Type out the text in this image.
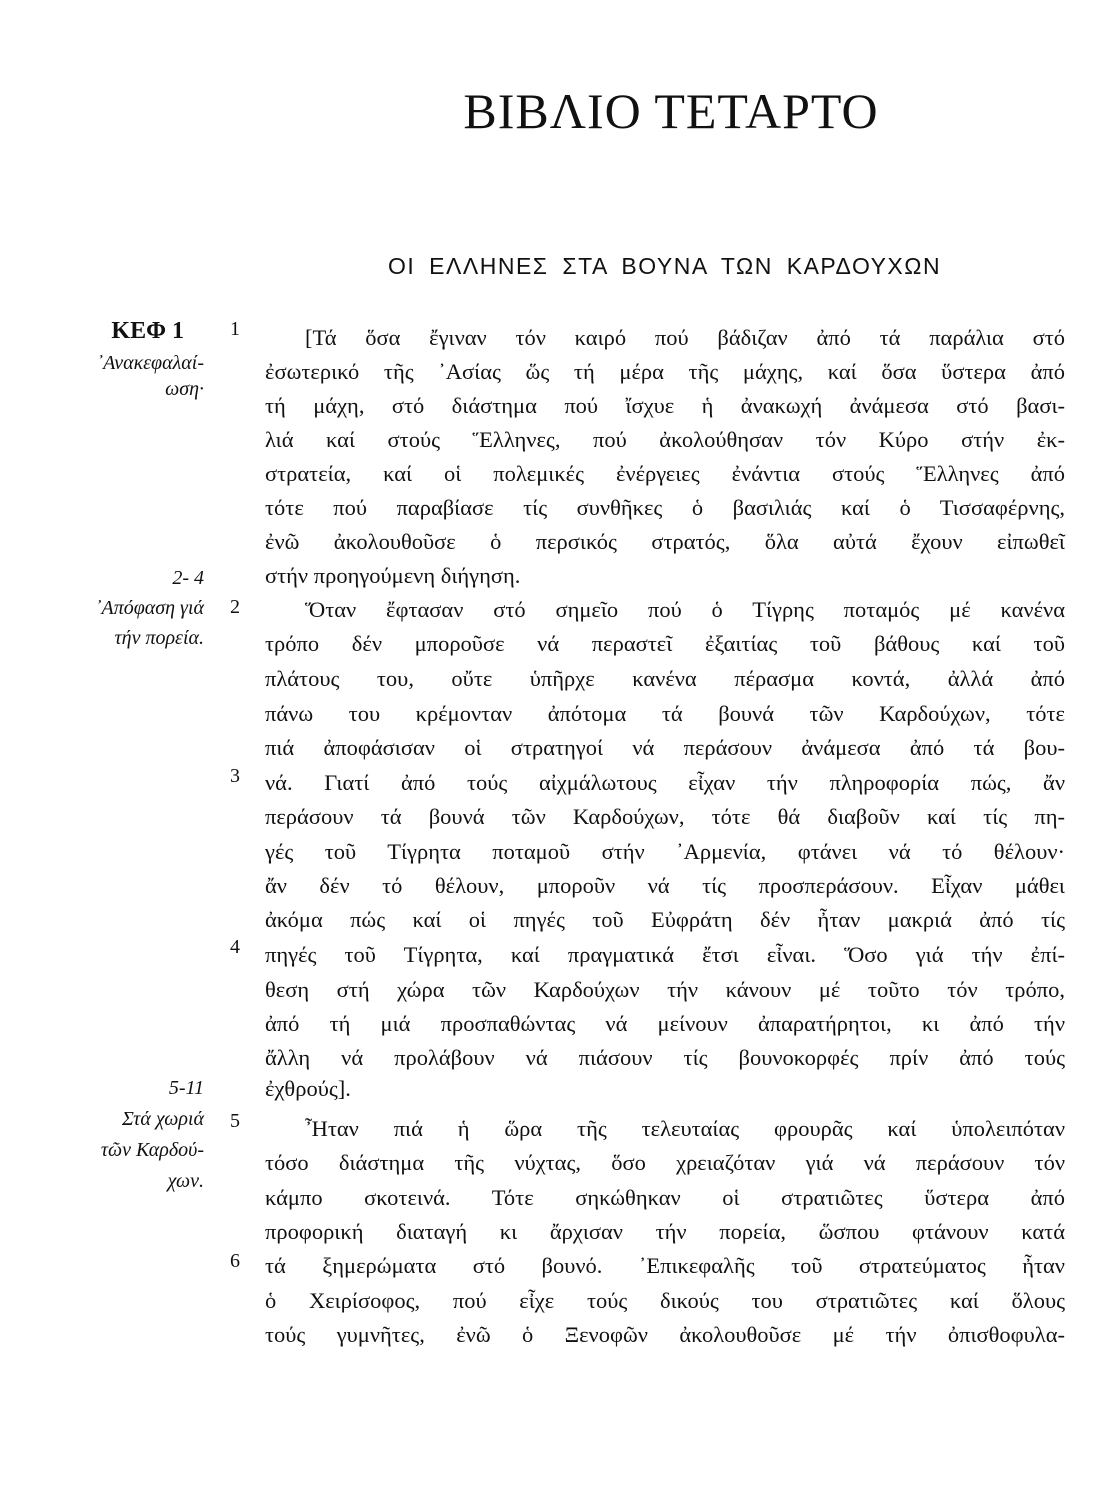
ΒΙΒΛΙΟ ΤΕΤΑΡΤΟ
ΟΙ ΕΛΛΗΝΕΣ ΣΤΑ ΒΟΥΝΑ ΤΩΝ ΚΑΡΔΟΥΧΩΝ
ΚΕΦ 1
᾽Ανακεφαλαί-
ωση·
2- 4
᾽Απόφαση γιά
τήν πορεία.
5-11
Στά χωριά
τῶν Καρδού-
χων.
1
2
3
4
5
6
[Τά ὅσα ἔγιναν τόν καιρό πού βάδιζαν ἀπό τά παράλια στό
ἐσωτερικό τῆς ᾽Ασίας ὥς τή μέρα τῆς μάχης, καί ὅσα ὕστερα ἀπό
τή μάχη, στό διάστημα πού ἴσχυε ἡ ἀνακωχή ἀνάμεσα στό βασι-
λιά καί στούς Ἕλληνες, πού ἀκολούθησαν τόν Κύρο στήν ἐκ-
στρατεία, καί οἱ πολεμικές ἐνέργειες ἐνάντια στούς Ἕλληνες ἀπό
τότε πού παραβίασε τίς συνθῆκες ὁ βασιλιάς καί ὁ Τισσαφέρνης,
ἐνῶ ἀκολουθοῦσε ὁ περσικός στρατός, ὅλα αὐτά ἔχουν εἰπωθεῖ
στήν προηγούμενη διήγηση.
Ὅταν ἔφτασαν στό σημεῖο πού ὁ Τίγρης ποταμός μέ κανένα
τρόπο δέν μποροῦσε νά περαστεῖ ἐξαιτίας τοῦ βάθους καί τοῦ
πλάτους του, οὔτε ὑπῆρχε κανένα πέρασμα κοντά, ἀλλά ἀπό
πάνω του κρέμονταν ἀπότομα τά βουνά τῶν Καρδούχων, τότε
πιά ἀποφάσισαν οἱ στρατηγοί νά περάσουν ἀνάμεσα ἀπό τά βου-
νά. Γιατί ἀπό τούς αἰχμάλωτους εἶχαν τήν πληροφορία πώς, ἄν
περάσουν τά βουνά τῶν Καρδούχων, τότε θά διαβοῦν καί τίς πη-
γές τοῦ Τίγρητα ποταμοῦ στήν ᾽Αρμενία, φτάνει νά τό θέλουν·
ἄν δέν τό θέλουν, μποροῦν νά τίς προσπεράσουν. Εἶχαν μάθει
ἀκόμα πώς καί οἱ πηγές τοῦ Εὐφράτη δέν ἦταν μακριά ἀπό τίς
πηγές τοῦ Τίγρητα, καί πραγματικά ἔτσι εἶναι. Ὅσο γιά τήν ἐπί-
θεση στή χώρα τῶν Καρδούχων τήν κάνουν μέ τοῦτο τόν τρόπο,
ἀπό τή μιά προσπαθώντας νά μείνουν ἀπαρατήρητοι, κι ἀπό τήν
ἄλλη νά προλάβουν νά πιάσουν τίς βουνοκορφές πρίν ἀπό τούς
ἐχθρούς].
Ἦταν πιά ἡ ὥρα τῆς τελευταίας φρουρᾶς καί ὑπολειπόταν
τόσο διάστημα τῆς νύχτας, ὅσο χρειαζόταν γιά νά περάσουν τόν
κάμπο σκοτεινά. Τότε σηκώθηκαν οἱ στρατιῶτες ὕστερα ἀπό
προφορική διαταγή κι ἄρχισαν τήν πορεία, ὥσπου φτάνουν κατά
τά ξημερώματα στό βουνό. ᾽Επικεφαλῆς τοῦ στρατεύματος ἦταν
ὁ Χειρίσοφος, πού εἶχε τούς δικούς του στρατιῶτες καί ὅλους
τούς γυμνῆτες, ἐνῶ ὁ Ξενοφῶν ἀκολουθοῦσε μέ τήν ὀπισθοφυλα-
